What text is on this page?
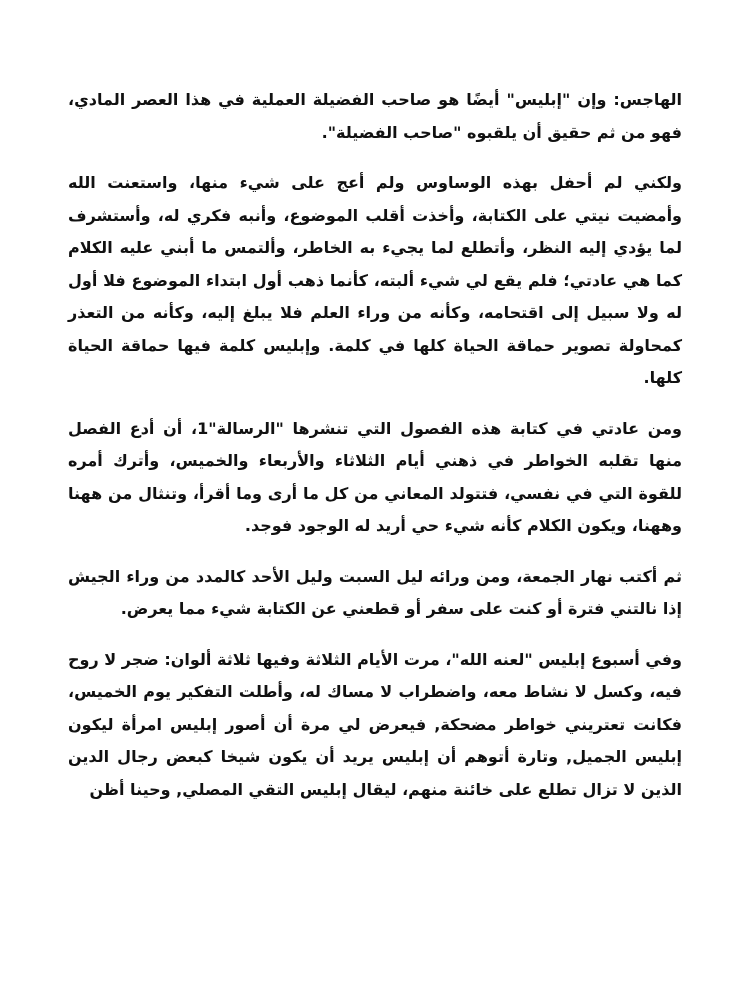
الهاجس: وإن "إبليس" أيضًا هو صاحب الفضيلة العملية في هذا العصر المادي، فهو من ثم حقيق أن يلقبوه "صاحب الفضيلة".

ولكني لم أحفل بهذه الوساوس ولم أعج على شيء منها، واستعنت الله وأمضيت نيتي على الكتابة، وأخذت أقلب الموضوع، وأنبه فكري له، وأستشرف لما يؤدي إليه النظر، وأتطلع لما يجيء به الخاطر، وألتمس ما أبني عليه الكلام كما هي عادتي؛ فلم يقع لي شيء ألبته، كأنما ذهب أول ابتداء الموضوع فلا أول له ولا سبيل إلى اقتحامه، وكأنه من وراء العلم فلا يبلغ إليه، وكأنه من التعذر كمحاولة تصوير حماقة الحياة كلها في كلمة. وإبليس كلمة فيها حماقة الحياة كلها.

ومن عادتي في كتابة هذه الفصول التي تنشرها "الرسالة"1، أن أدع الفصل منها تقلبه الخواطر في ذهني أيام الثلاثاء والأربعاء والخميس، وأترك أمره للقوة التي في نفسي، فتتولد المعاني من كل ما أرى وما أقرأ، وتنثال من ههنا وههنا، ويكون الكلام كأنه شيء حي أريد له الوجود فوجد.

ثم أكتب نهار الجمعة، ومن ورائه ليل السبت وليل الأحد كالمدد من وراء الجيش إذا نالتني فترة أو كنت على سفر أو قطعني عن الكتابة شيء مما يعرض.

وفي أسبوع إبليس "لعنه الله"، مرت الأيام الثلاثة وفيها ثلاثة ألوان: ضجر لا روح فيه، وكسل لا نشاط معه، واضطراب لا مساك له، وأطلت التفكير يوم الخميس، فكانت تعتريني خواطر مضحكة, فيعرض لي مرة أن أصور إبليس امرأة ليكون إبليس الجميل, وتارة أتوهم أن إبليس يريد أن يكون شيخا كبعض رجال الدين الذين لا تزال تطلع على خائنة منهم، ليقال إبليس التقي المصلي, وحينا أظن
